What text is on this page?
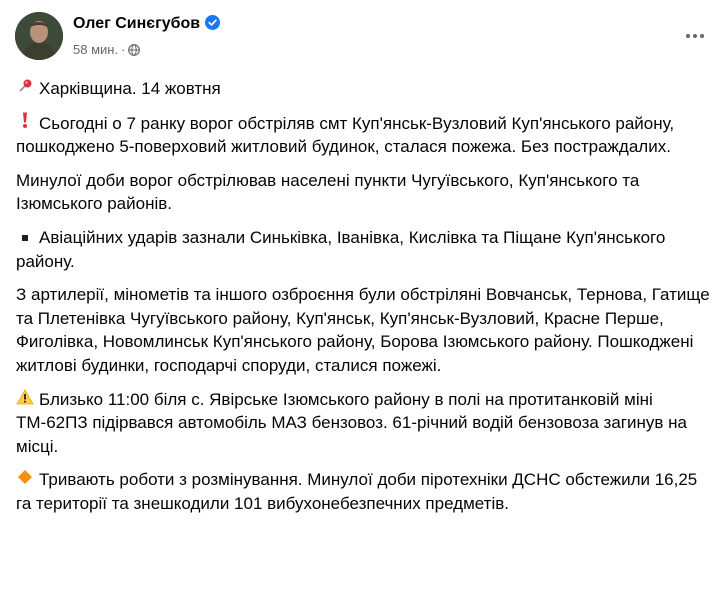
Олег Синєгубов
58 мин. ·
Харківщина. 14 жовтня
Сьогодні о 7 ранку ворог обстріляв смт Куп'янськ-Вузловий Куп'янського району, пошкоджено 5-поверховий житловий будинок, сталася пожежа. Без постраждалих.
Минулої доби ворог обстрілював населені пункти Чугуївського, Куп'янського та Ізюмського районів.
Авіаційних ударів зазнали Синьківка, Іванівка, Кислівка та Піщане Куп'янського району.
З артилерії, мінометів та іншого озброєння були обстріляні Вовчанськ, Тернова, Гатище та Плетенівка Чугуївського району, Куп'янськ, Куп'янськ-Вузловий, Красне Перше, Фиголівка, Новомлинськ Куп'янського району, Борова Ізюмського району. Пошкоджені житлові будинки, господарчі споруди, сталися пожежі.
Близько 11:00 біля с. Явірське Ізюмського району в полі на протитанковій міні ТМ-62ПЗ підірвався автомобіль МАЗ бензовоз. 61-річний водій бензовоза загинув на місці.
Тривають роботи з розмінування. Минулої доби піротехніки ДСНС обстежили 16,25 га території та знешкодили 101 вибухонебезпечних предметів.
